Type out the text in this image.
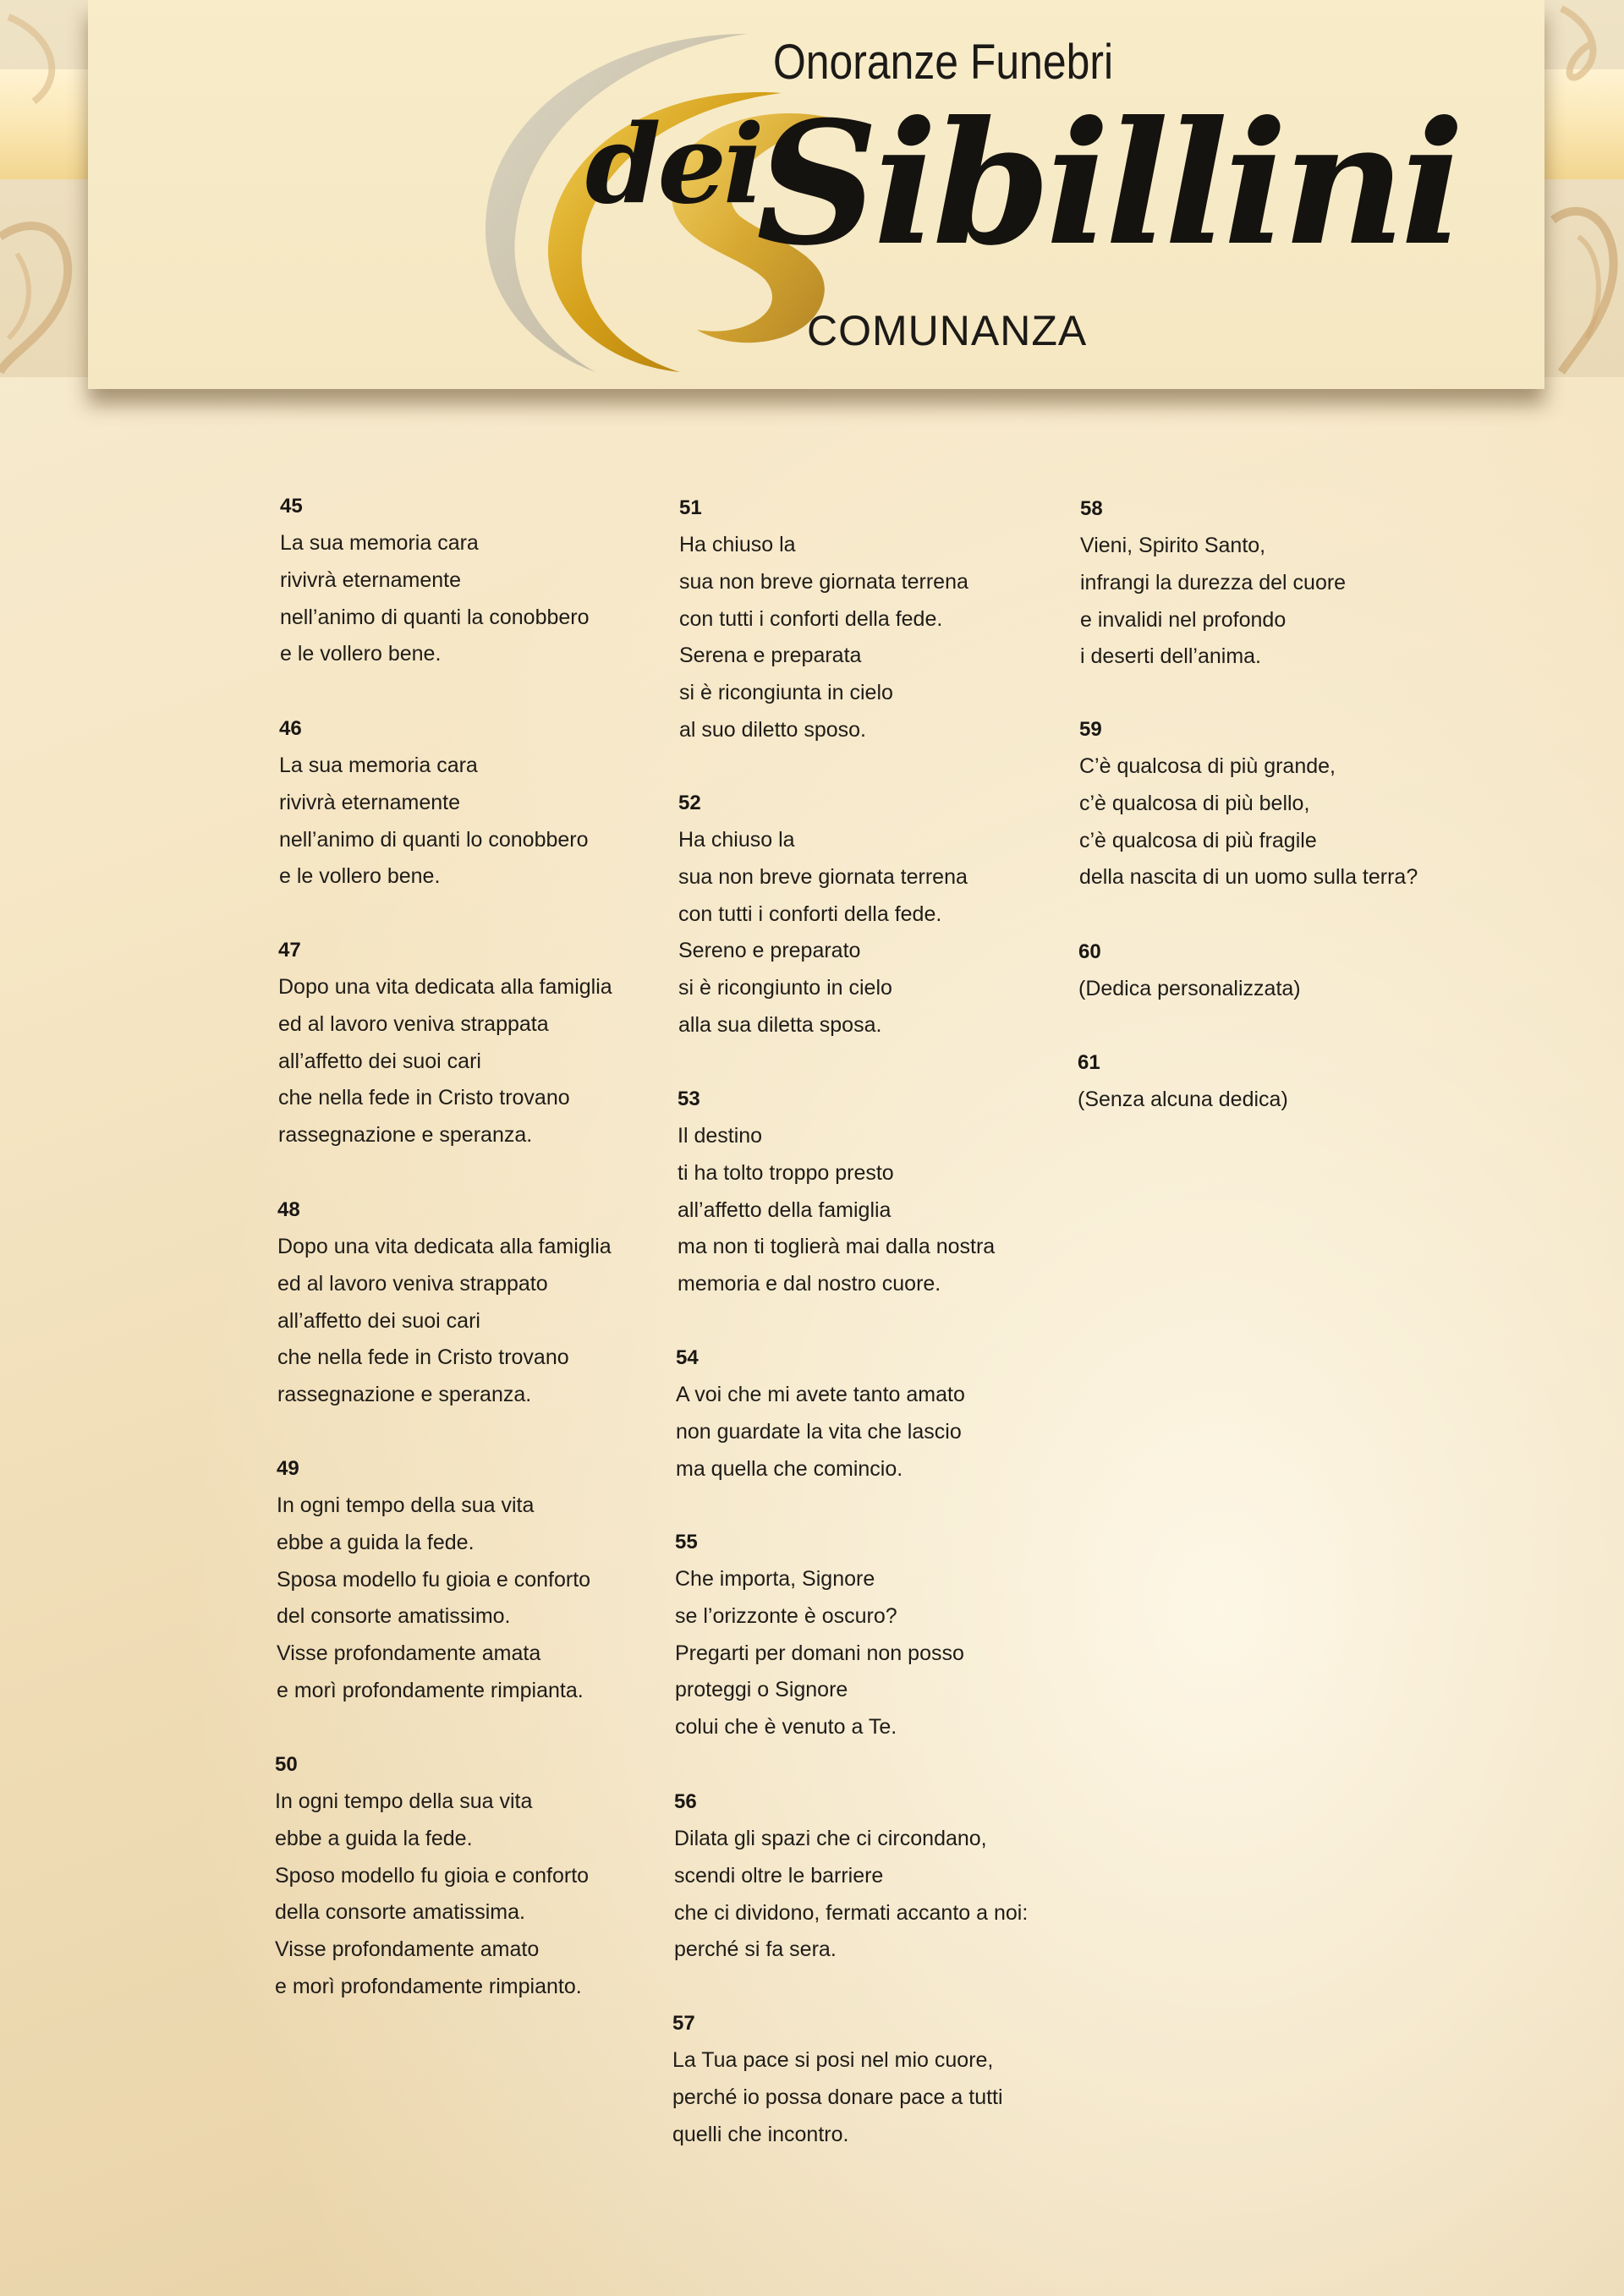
Onoranze Funebri
dei
Sibillini
COMUNANZA
45
La sua memoria cara
rivivrà eternamente
nell’animo di quanti la conobbero
e le vollero bene.
46
La sua memoria cara
rivivrà eternamente
nell’animo di quanti lo conobbero
e le vollero bene.
47
Dopo una vita dedicata alla famiglia
ed al lavoro veniva strappata
all’affetto dei suoi cari
che nella fede in Cristo trovano
rassegnazione e speranza.
48
Dopo una vita dedicata alla famiglia
ed al lavoro veniva strappato
all’affetto dei suoi cari
che nella fede in Cristo trovano
rassegnazione e speranza.
49
In ogni tempo della sua vita
ebbe a guida la fede.
Sposa modello fu gioia e conforto
del consorte amatissimo.
Visse profondamente amata
e morì profondamente rimpianta.
50
In ogni tempo della sua vita
ebbe a guida la fede.
Sposo modello fu gioia e conforto
della consorte amatissima.
Visse profondamente amato
e morì profondamente rimpianto.
51
Ha chiuso la
sua non breve giornata terrena
con tutti i conforti della fede.
Serena e preparata
si è ricongiunta in cielo
al suo diletto sposo.
52
Ha chiuso la
sua non breve giornata terrena
con tutti i conforti della fede.
Sereno e preparato
si è ricongiunto in cielo
alla sua diletta sposa.
53
Il destino
ti ha tolto troppo presto
all’affetto della famiglia
ma non ti toglierà mai dalla nostra
memoria e dal nostro cuore.
54
A voi che mi avete tanto amato
non guardate la vita che lascio
ma quella che comincio.
55
Che importa, Signore
se l’orizzonte è oscuro?
Pregarti per domani non posso
proteggi o Signore
colui che è venuto a Te.
56
Dilata gli spazi che ci circondano,
scendi oltre le barriere
che ci dividono, fermati accanto a noi:
perché si fa sera.
57
La Tua pace si posi nel mio cuore,
perché io possa donare pace a tutti
quelli che incontro.
58
Vieni, Spirito Santo,
infrangi la durezza del cuore
e invalidi nel profondo
i deserti dell’anima.
59
C’è qualcosa di più grande,
c’è qualcosa di più bello,
c’è qualcosa di più fragile
della nascita di un uomo sulla terra?
60
(Dedica personalizzata)
61
(Senza alcuna dedica)
